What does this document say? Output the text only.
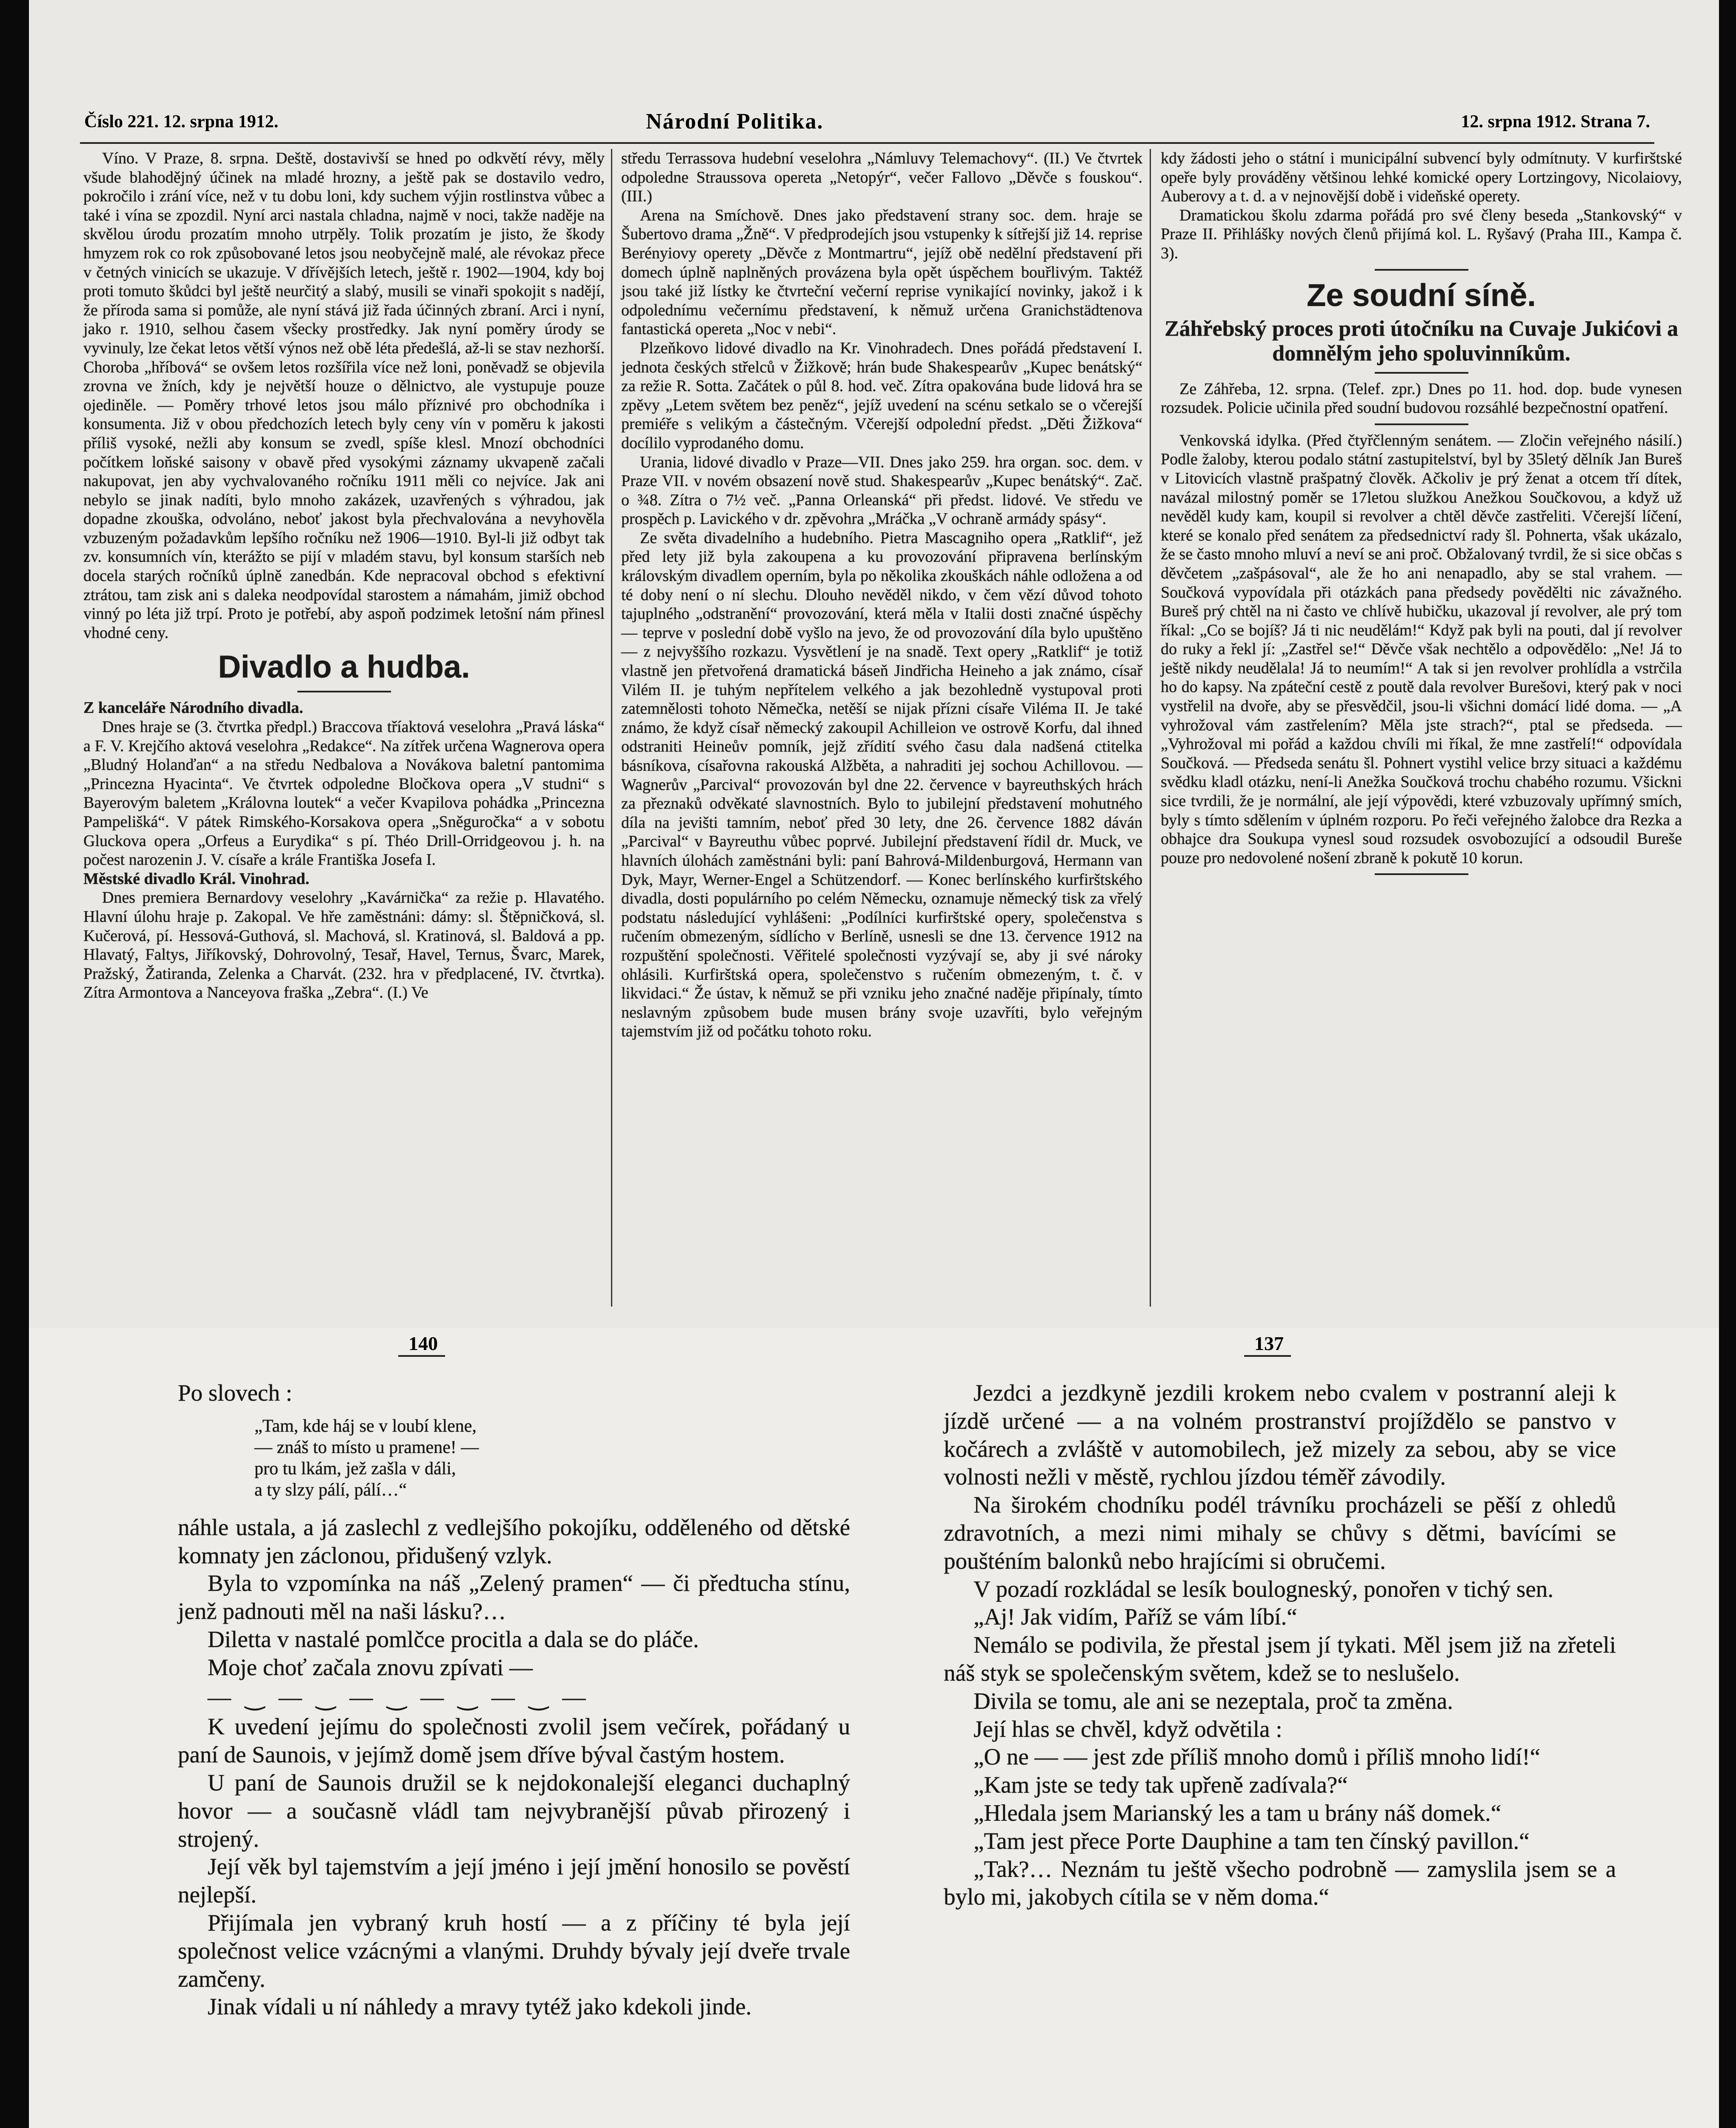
Číslo 221. 12. srpna 1912.	Národní Politika.	12. srpna 1912. Strana 7.

Víno. V Praze, 8. srpna. Deště, dostavivší se hned po odkvětí révy, měly všude blahodějný účinek na mladé hrozny, a ještě pak se dostavilo vedro, pokročilo i zrání více, než v tu dobu loni, kdy suchem výjin rostlinstva vůbec a také i vína se zpozdil. Nyní arci nastala chladna, najmě v noci, takže naděje na skvělou úrodu prozatím mnoho utrpěly. Tolik prozatím je jisto, že škody hmyzem rok co rok způsobované letos jsou neobyčejně malé, ale révokaz přece v četných vinicích se ukazuje. V dřívějších letech, ještě r. 1902—1904, kdy boj proti tomuto škůdci byl ještě neurčitý a slabý, musili se vinaři spokojit s nadějí, že příroda sama si pomůže, ale nyní stává již řada účinných zbraní. Arci i nyní, jako r. 1910, selhou časem všecky prostředky. Jak nyní poměry úrody se vyvinuly, lze čekat letos větší výnos než obě léta předešlá, až-li se stav nezhorší. Choroba „hříbová“ se ovšem letos rozšířila více než loni, poněvadž se objevila zrovna ve žních, kdy je největší houze o dělnictvo, ale vystupuje pouze ojediněle. — Poměry trhové letos jsou málo příznivé pro obchodníka i konsumenta. Již v obou předchozích letech byly ceny vín v poměru k jakosti příliš vysoké, nežli aby konsum se zvedl, spíše klesl. Mnozí obchodníci počítkem loňské saisony v obavě před vysokými záznamy ukvapeně začali nakupovat, jen aby vychvalovaného ročníku 1911 měli co nejvíce. Jak ani nebylo se jinak nadíti, bylo mnoho zakázek, uzavřených s výhradou, jak dopadne zkouška, odvoláno, neboť jakost byla přechvalována a nevyhověla vzbuzeným požadavkům lepšího ročníku než 1906—1910. Byl-li již odbyt tak zv. konsumních vín, kterážto se pijí v mladém stavu, byl konsum starších neb docela starých ročníků úplně zanedbán. Kde nepracoval obchod s efektivní ztrátou, tam zisk ani s daleka neodpovídal starostem a námahám, jimiž obchod vinný po léta již trpí. Proto je potřebí, aby aspoň podzimek letošní nám přinesl vhodné ceny.

Divadlo a hudba.

Z kanceláře Národního divadla.

Dnes hraje se (3. čtvrtka předpl.) Braccova tříaktová veselohra „Pravá láska“ a F. V. Krejčího aktová veselohra „Redakce“. Na zítřek určena Wagnerova opera „Bludný Holanďan“ a na středu Nedbalova a Novákova baletní pantomima „Princezna Hyacinta“. Ve čtvrtek odpoledne Bločkova opera „V studni“ s Bayerovým baletem „Královna loutek“ a večer Kvapilova pohádka „Princezna Pampelišká“. V pátek Rimského-Korsakova opera „Sněguročka“ a v sobotu Gluckova opera „Orfeus a Eurydika“ s pí. Théo Drill-Orridgeovou j. h. na počest narozenin J. V. císaře a krále Františka Josefa I.

Městské divadlo Král. Vinohrad.

Dnes premiera Bernardovy veselohry „Kavárnička“ za režie p. Hlavatého. Hlavní úlohu hraje p. Zakopal. Ve hře zaměstnáni: dámy: sl. Štěpničková, sl. Kučerová, pí. Hessová-Guthová, sl. Machová, sl. Kratinová, sl. Baldová a pp. Hlavatý, Faltys, Jiříkovský, Dohrovolný, Tesař, Havel, Ternus, Švarc, Marek, Pražský, Žatiranda, Zelenka a Charvát. (232. hra v předplacené, IV. čtvrtka). Zítra Armontova a Nanceyova fraška „Zebra“. (I.) Ve

středu Terrassova hudební veselohra „Námluvy Telemachovy“. (II.) Ve čtvrtek odpoledne Straussova opereta „Netopýr“, večer Fallovo „Děvče s fouskou“. (III.)

Arena na Smíchově. Dnes jako představení strany soc. dem. hraje se Šubertovo drama „Žně“. V předprodejích jsou vstupenky k sítřejší již 14. reprise Berényiovy operety „Děvče z Montmartru“, jejíž obě nedělní představení při domech úplně naplněných provázena byla opět úspěchem bouřlivým. Taktéž jsou také již lístky ke čtvrteční večerní reprise vynikající novinky, jakož i k odpolednímu večernímu představení, k němuž určena Granichstädtenova fantastická opereta „Noc v nebi“.

Plzeňkovo lidové divadlo na Kr. Vinohradech. Dnes pořádá představení I. jednota českých střelců v Žižkově; hrán bude Shakespearův „Kupec benátský“ za režie R. Sotta. Začátek o půl 8. hod. več. Zítra opakována bude lidová hra se zpěvy „Letem světem bez peněz“, jejíž uvedení na scénu setkalo se o včerejší premiéře s velikým a částečným. Včerejší odpolední předst. „Děti Žižkova“ docílilo vyprodaného domu.

Urania, lidové divadlo v Praze—VII. Dnes jako 259. hra organ. soc. dem. v Praze VII. v novém obsazení nově stud. Shakespearův „Kupec benátský“. Zač. o ¾8. Zítra o 7½ več. „Panna Orleanská“ při předst. lidové. Ve středu ve prospěch p. Lavického v dr. zpěvohra „Mráčka „V ochraně armády spásy“.

Ze světa divadelního a hudebního. Pietra Mascagniho opera „Ratklif“, jež před lety již byla zakoupena a ku provozování připravena berlínským královským divadlem operním, byla po několika zkouškách náhle odložena a od té doby není o ní slechu. Dlouho nevěděl nikdo, v čem vězí důvod tohoto tajuplného „odstranění“ provozování, která měla v Italii dosti značné úspěchy — teprve v poslední době vyšlo na jevo, že od provozování díla bylo upuštěno — z nejvyššího rozkazu. Vysvětlení je na snadě. Text opery „Ratklif“ je totiž vlastně jen přetvořená dramatická báseň Jindřicha Heineho a jak známo, císař Vilém II. je tuhým nepřítelem velkého a jak bezohledně vystupoval proti zatemnělosti tohoto Němečka, netěší se nijak přízni císaře Viléma II. Je také známo, že když císař německý zakoupil Achilleion ve ostrově Korfu, dal ihned odstraniti Heineův pomník, jejž zřídití svého času dala nadšená ctitelka básníkova, císařovna rakouská Alžběta, a nahraditi jej sochou Achillovou. — Wagnerův „Parcival“ provozován byl dne 22. července v bayreuthských hrách za přeznaků odvěkaté slavnostních. Bylo to jubilejní představení mohutného díla na jevišti tamním, neboť před 30 lety, dne 26. července 1882 dáván „Parcival“ v Bayreuthu vůbec poprvé. Jubilejní představení řídil dr. Muck, ve hlavních úlohách zaměstnáni byli: paní Bahrová-Mildenburgová, Hermann van Dyk, Mayr, Werner-Engel a Schützendorf. — Konec berlínského kurfirštského divadla, dosti populárního po celém Německu, oznamuje německý tisk za vřelý podstatu následující vyhlášeni: „Podílníci kurfirštské opery, společenstva s ručením obmezeným, sídlícho v Berlíně, usnesli se dne 13. července 1912 na rozpuštění společnosti. Věřitelé společnosti vyzývají se, aby ji své nároky ohlásili. Kurfirštská opera, společenstvo s ručením obmezeným, t. č. v likvidaci.“ Že ústav, k němuž se při vzniku jeho značné naděje připínaly, tímto neslavným způsobem bude musen brány svoje uzavříti, bylo veřejným tajemstvím již od počátku tohoto roku.

kdy žádosti jeho o státní i municipální subvencí byly odmítnuty. V kurfirštské opeře byly prováděny většinou lehké komické opery Lortzingovy, Nicolaiovy, Auberovy a t. d. a v nejnovější době i videňské operety.

Dramatickou školu zdarma pořádá pro své členy beseda „Stankovský“ v Praze II. Přihlášky nových členů přijímá kol. L. Ryšavý (Praha III., Kampa č. 3).

Ze soudní síně.
Záhřebský proces proti útočníku na Cuvaje Jukićovi a domnělým jeho spoluvinníkům.

Ze Záhřeba, 12. srpna. (Telef. zpr.) Dnes po 11. hod. dop. bude vynesen rozsudek. Policie učinila před soudní budovou rozsáhlé bezpečnostní opatření.

Venkovská idylka. (Před čtyřčlenným senátem. — Zločin veřejného násilí.) Podle žaloby, kterou podalo státní zastupitelství, byl by 35letý dělník Jan Bureš v Litovicích vlastně prašpatný člověk. Ačkoliv je prý ženat a otcem tří dítek, navázal milostný poměr se 17letou služkou Anežkou Součkovou, a když už nevěděl kudy kam, koupil si revolver a chtěl děvče zastřeliti. Včerejší líčení, které se konalo před senátem za předsednictví rady šl. Pohnerta, však ukázalo, že se často mnoho mluví a neví se ani proč. Obžalovaný tvrdil, že si sice občas s děvčetem „zašpásoval“, ale že ho ani nenapadlo, aby se stal vrahem. — Součková vypovídala při otázkách pana předsedy povědělti nic závažného. Bureš prý chtěl na ni často ve chlívě hubičku, ukazoval jí revolver, ale prý tom říkal: „Co se bojíš? Já ti nic neudělám!“ Když pak byli na pouti, dal jí revolver do ruky a řekl jí: „Zastřel se!“ Děvče však nechtělo a odpovědělo: „Ne! Já to ještě nikdy neudělala! Já to neumím!“ A tak si jen revolver prohlídla a vstrčila ho do kapsy. Na zpáteční cestě z poutě dala revolver Burešovi, který pak v noci vystřelil na dvoře, aby se přesvědčil, jsou-li všichni domácí lidé doma. — „A vyhrožoval vám zastřelením? Měla jste strach?“, ptal se předseda. — „Vyhrožoval mi pořád a každou chvíli mi říkal, že mne zastřelí!“ odpovídala Součková. — Předseda senátu šl. Pohnert vystihl velice brzy situaci a každému svědku kladl otázku, není-li Anežka Součková trochu chabého rozumu. Všickni sice tvrdili, že je normální, ale její výpovědi, které vzbuzovaly upřímný smích, byly s tímto sdělením v úplném rozporu. Po řeči veřejného žalobce dra Rezka a obhajce dra Soukupa vynesl soud rozsudek osvobozující a odsoudil Bureše pouze pro nedovolené nošení zbraně k pokutě 10 korun.

140	137

Po slovech :

„Tam, kde háj se v loubí klene,
— znáš to místo u pramene! —
pro tu lkám, jež zašla v dáli,
a ty slzy pálí, pálí…“

náhle ustala, a já zaslechl z vedlejšího pokojíku, odděleného od dětské komnaty jen záclonou, přidušený vzlyk.

Byla to vzpomínka na náš „Zelený pramen“ — či předtucha stínu, jenž padnouti měl na naši lásku?…

Diletta v nastalé pomlčce procitla a dala se do pláče.

Moje choť začala znovu zpívati —

— ‿ — ‿ — ‿ — ‿ — ‿ —

K uvedení jejímu do společnosti zvolil jsem večírek, pořádaný u paní de Saunois, v jejímž domě jsem dříve býval častým hostem.

U paní de Saunois družil se k nejdokonalejší eleganci duchaplný hovor — a současně vládl tam nejvybranější půvab přirozený i strojený.

Její věk byl tajemstvím a její jméno i její jmění honosilo se pověstí nejlepší.

Přijímala jen vybraný kruh hostí — a z příčiny té byla její společnost velice vzácnými a vlanými. Druhdy bývaly její dveře trvale zamčeny.

Jinak vídali u ní náhledy a mravy tytéž jako kdekoli jinde.

Jezdci a jezdkyně jezdili krokem nebo cvalem v postranní aleji k jízdě určené — a na volném prostranství projíždělo se panstvo v kočárech a zvláště v automobilech, jež mizely za sebou, aby se vice volnosti nežli v městě, rychlou jízdou téměř závodily.

Na širokém chodníku podél trávníku procházeli se pěší z ohledů zdravotních, a mezi nimi mihaly se chůvy s dětmi, bavícími se poušténím balonků nebo hrajícími si obručemi.

V pozadí rozkládal se lesík boulogneský, ponořen v tichý sen.

„Aj! Jak vidím, Paříž se vám líbí.“

Nemálo se podivila, že přestal jsem jí tykati. Měl jsem již na zřeteli náš styk se společenským světem, kdež se to neslušelo.

Divila se tomu, ale ani se nezeptala, proč ta změna.

Její hlas se chvěl, když odvětila :

„O ne — — jest zde příliš mnoho domů i příliš mnoho lidí!“

„Kam jste se tedy tak upřeně zadívala?“

„Hledala jsem Marianský les a tam u brány náš domek.“

„Tam jest přece Porte Dauphine a tam ten čínský pavillon.“

„Tak?… Neznám tu ještě všecho podrobně — zamyslila jsem se a bylo mi, jakobych cítila se v něm doma.“
